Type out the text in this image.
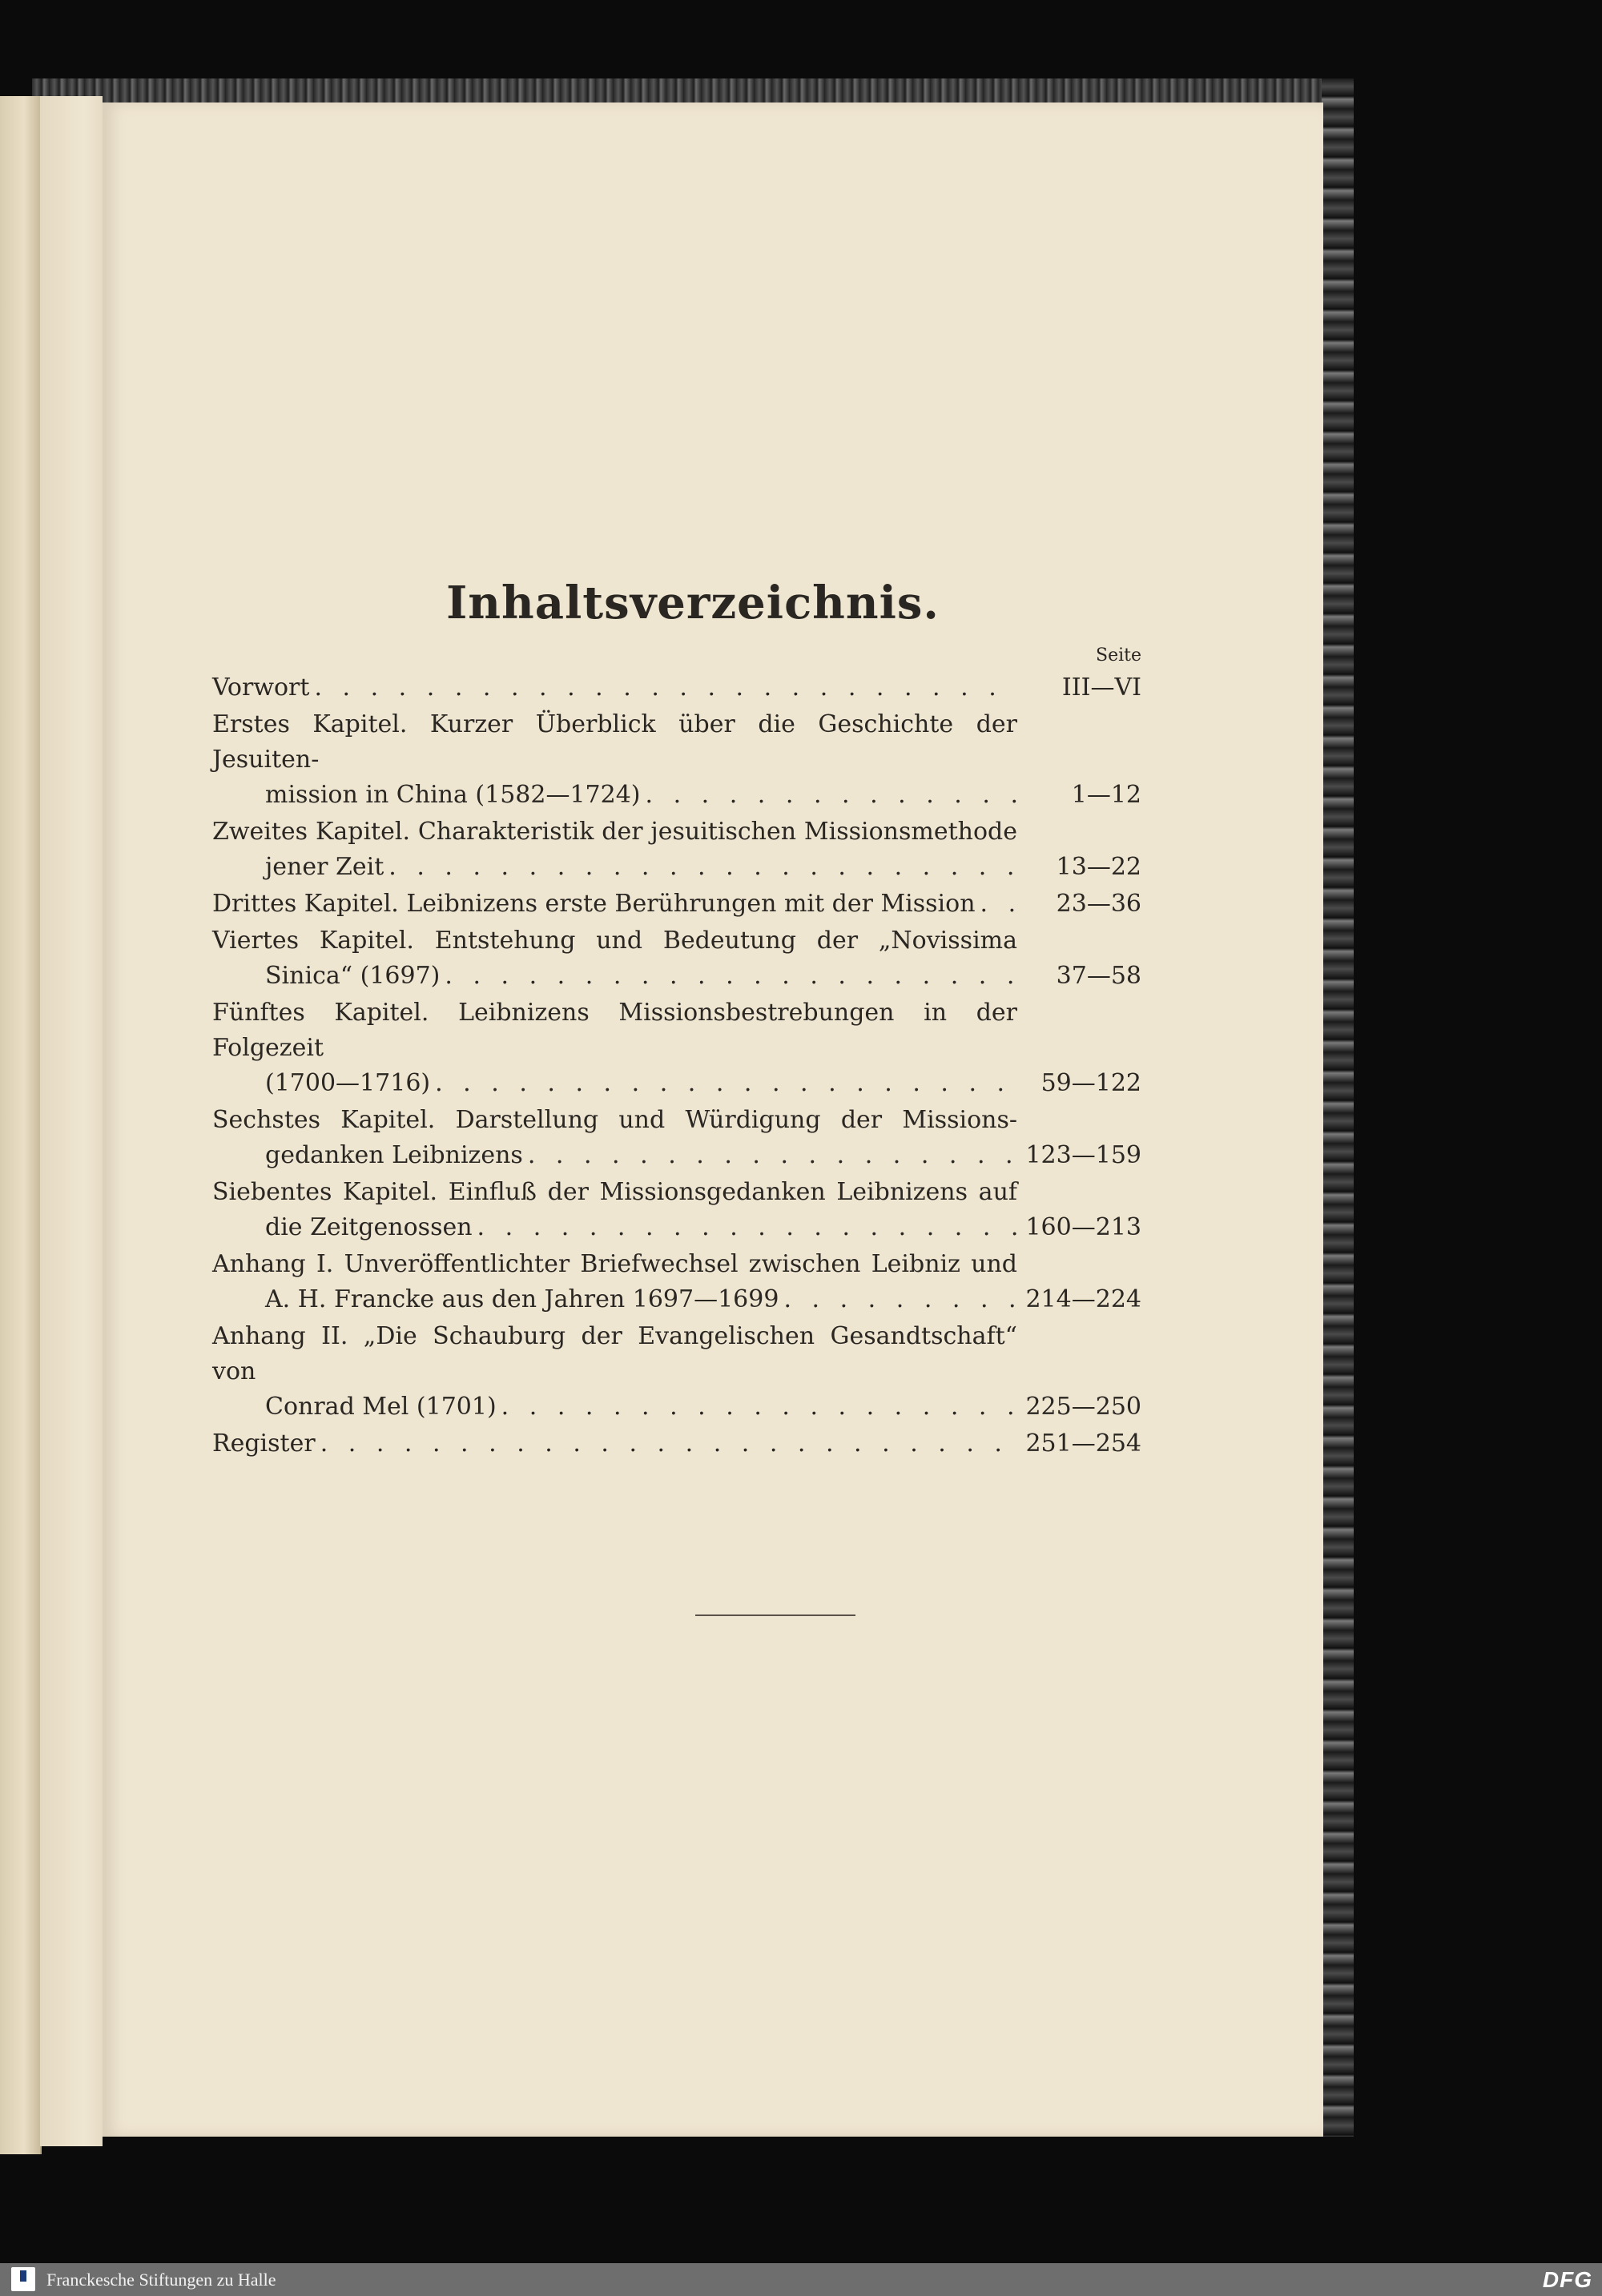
Inhaltsverzeichnis.
Seite
Vorwort . . .	III—VI
Erstes Kapitel. Kurzer Überblick über die Geschichte der Jesuiten-
mission in China (1582—1724) . . .	1—12
Zweites Kapitel. Charakteristik der jesuitischen Missionsmethode
jener Zeit . . .	13—22
Drittes Kapitel. Leibnizens erste Berührungen mit der Mission . . .	23—36
Viertes Kapitel. Entstehung und Bedeutung der „Novissima
Sinica“ (1697) . . .	37—58
Fünftes Kapitel. Leibnizens Missionsbestrebungen in der Folgezeit
(1700—1716) . . .	59—122
Sechstes Kapitel. Darstellung und Würdigung der Missions-
gedanken Leibnizens . . .	123—159
Siebentes Kapitel. Einfluß der Missionsgedanken Leibnizens auf
die Zeitgenossen . . .	160—213
Anhang I. Unveröffentlichter Briefwechsel zwischen Leibniz und
A. H. Francke aus den Jahren 1697—1699 . . .	214—224
Anhang II. „Die Schauburg der Evangelischen Gesandtschaft“ von
Conrad Mel (1701) . . .	225—250
Register . . .	251—254
Franckesche Stiftungen zu Halle	DFG
